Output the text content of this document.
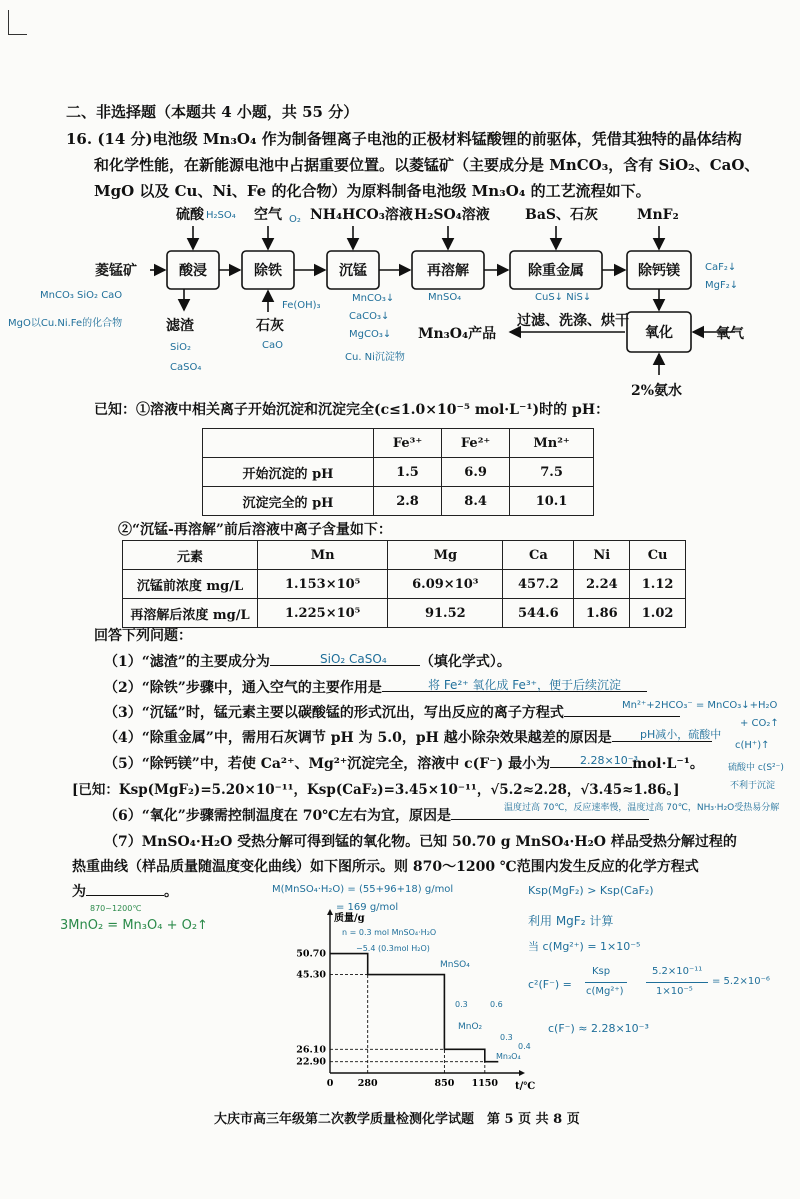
二、非选择题（本题共 4 小题，共 55 分）
16. (14 分)电池级 Mn₃O₄ 作为制备锂离子电池的正极材料锰酸锂的前驱体，凭借其独特的晶体结构
和化学性能，在新能源电池中占据重要位置。以菱锰矿（主要成分是 MnCO₃，含有 SiO₂、CaO、
MgO 以及 Cu、Ni、Fe 的化合物）为原料制备电池级 Mn₃O₄ 的工艺流程如下。
酸浸	除铁	沉锰	再溶解	除重金属	除钙镁
氧化
硫酸	空气 NH₄HCO₃溶液 H₂SO₄溶液	BaS、石灰	MnF₂
菱锰矿
滤渣	石灰	Mn₃O₄产品
过滤、洗涤、烘干
氧气
2%氨水
H₂SO₄	O₂
MnCO₃ SiO₂ CaO
MgO以Cu.Ni.Fe的化合物
SiO₂
CaSO₄
CaO
Fe(OH)₃
MnCO₃↓
CaCO₃↓
MgCO₃↓
Cu. Ni沉淀物
MnSO₄	CuS↓ NiS↓
CaF₂↓
MgF₂↓
已知：①溶液中相关离子开始沉淀和沉淀完全(c≤1.0×10⁻⁵ mol·L⁻¹)时的 pH：
	Fe³⁺	Fe²⁺	Mn²⁺
开始沉淀的 pH	1.5	6.9	7.5
沉淀完全的 pH	2.8	8.4	10.1
②“沉锰-再溶解”前后溶液中离子含量如下：
元素	Mn	Mg	Ca	Ni	Cu
沉锰前浓度 mg/L	1.153×10⁵	6.09×10³	457.2	2.24	1.12
再溶解后浓度 mg/L	1.225×10⁵	91.52	544.6	1.86	1.02
回答下列问题：
（1）“滤渣”的主要成分为	（填化学式）。
SiO₂ CaSO₄
（2）“除铁”步骤中，通入空气的主要作用是	将 Fe²⁺ 氧化成 Fe³⁺，便于后续沉淀
（3）“沉锰”时，锰元素主要以碳酸锰的形式沉出，写出反应的离子方程式	Mn²⁺+2HCO₃⁻ = MnCO₃↓+H₂O
+ CO₂↑
（4）“除重金属”中，需用石灰调节 pH 为 5.0，pH 越小除杂效果越差的原因是	pH减小，硫酸中
c(H⁺)↑
（5）“除钙镁”中，若使 Ca²⁺、Mg²⁺沉淀完全，溶液中 c(F⁻) 最小为	mol·L⁻¹。
2.28×10⁻³
硫酸中 c(S²⁻)
不利于沉淀
[已知：Ksp(MgF₂)=5.20×10⁻¹¹，Ksp(CaF₂)=3.45×10⁻¹¹，√5.2≈2.28，√3.45≈1.86。]
（6）“氧化”步骤需控制温度在 70℃左右为宜，原因是	温度过高 70℃，反应速率慢，温度过高 70℃，NH₃·H₂O受热易分解
（7）MnSO₄·H₂O 受热分解可得到锰的氧化物。已知 50.70 g MnSO₄·H₂O 样品受热分解过程的
热重曲线（样品质量随温度变化曲线）如下图所示。则 870～1200 ℃范围内发生反应的化学方程式
为	。
870~1200℃
3MnO₂ = Mn₃O₄ + O₂↑
M(MnSO₄·H₂O) = (55+96+18) g/mol
= 169 g/mol
质量/g
t/℃
50.70
45.30
26.10
22.90
0	280	850 1150
n = 0.3 mol MnSO₄·H₂O
−5.4 (0.3mol H₂O)
MnSO₄
0.3	0.6
MnO₂
0.3
0.4
Mn₃O₄
Ksp(MgF₂) > Ksp(CaF₂)
利用 MgF₂ 计算
当 c(Mg²⁺) = 1×10⁻⁵
c²(F⁻) =
Ksp
c(Mg²⁺)
5.2×10⁻¹¹
1×10⁻⁵
= 5.2×10⁻⁶
c(F⁻) ≈ 2.28×10⁻³
大庆市高三年级第二次教学质量检测化学试题　第 5 页 共 8 页
